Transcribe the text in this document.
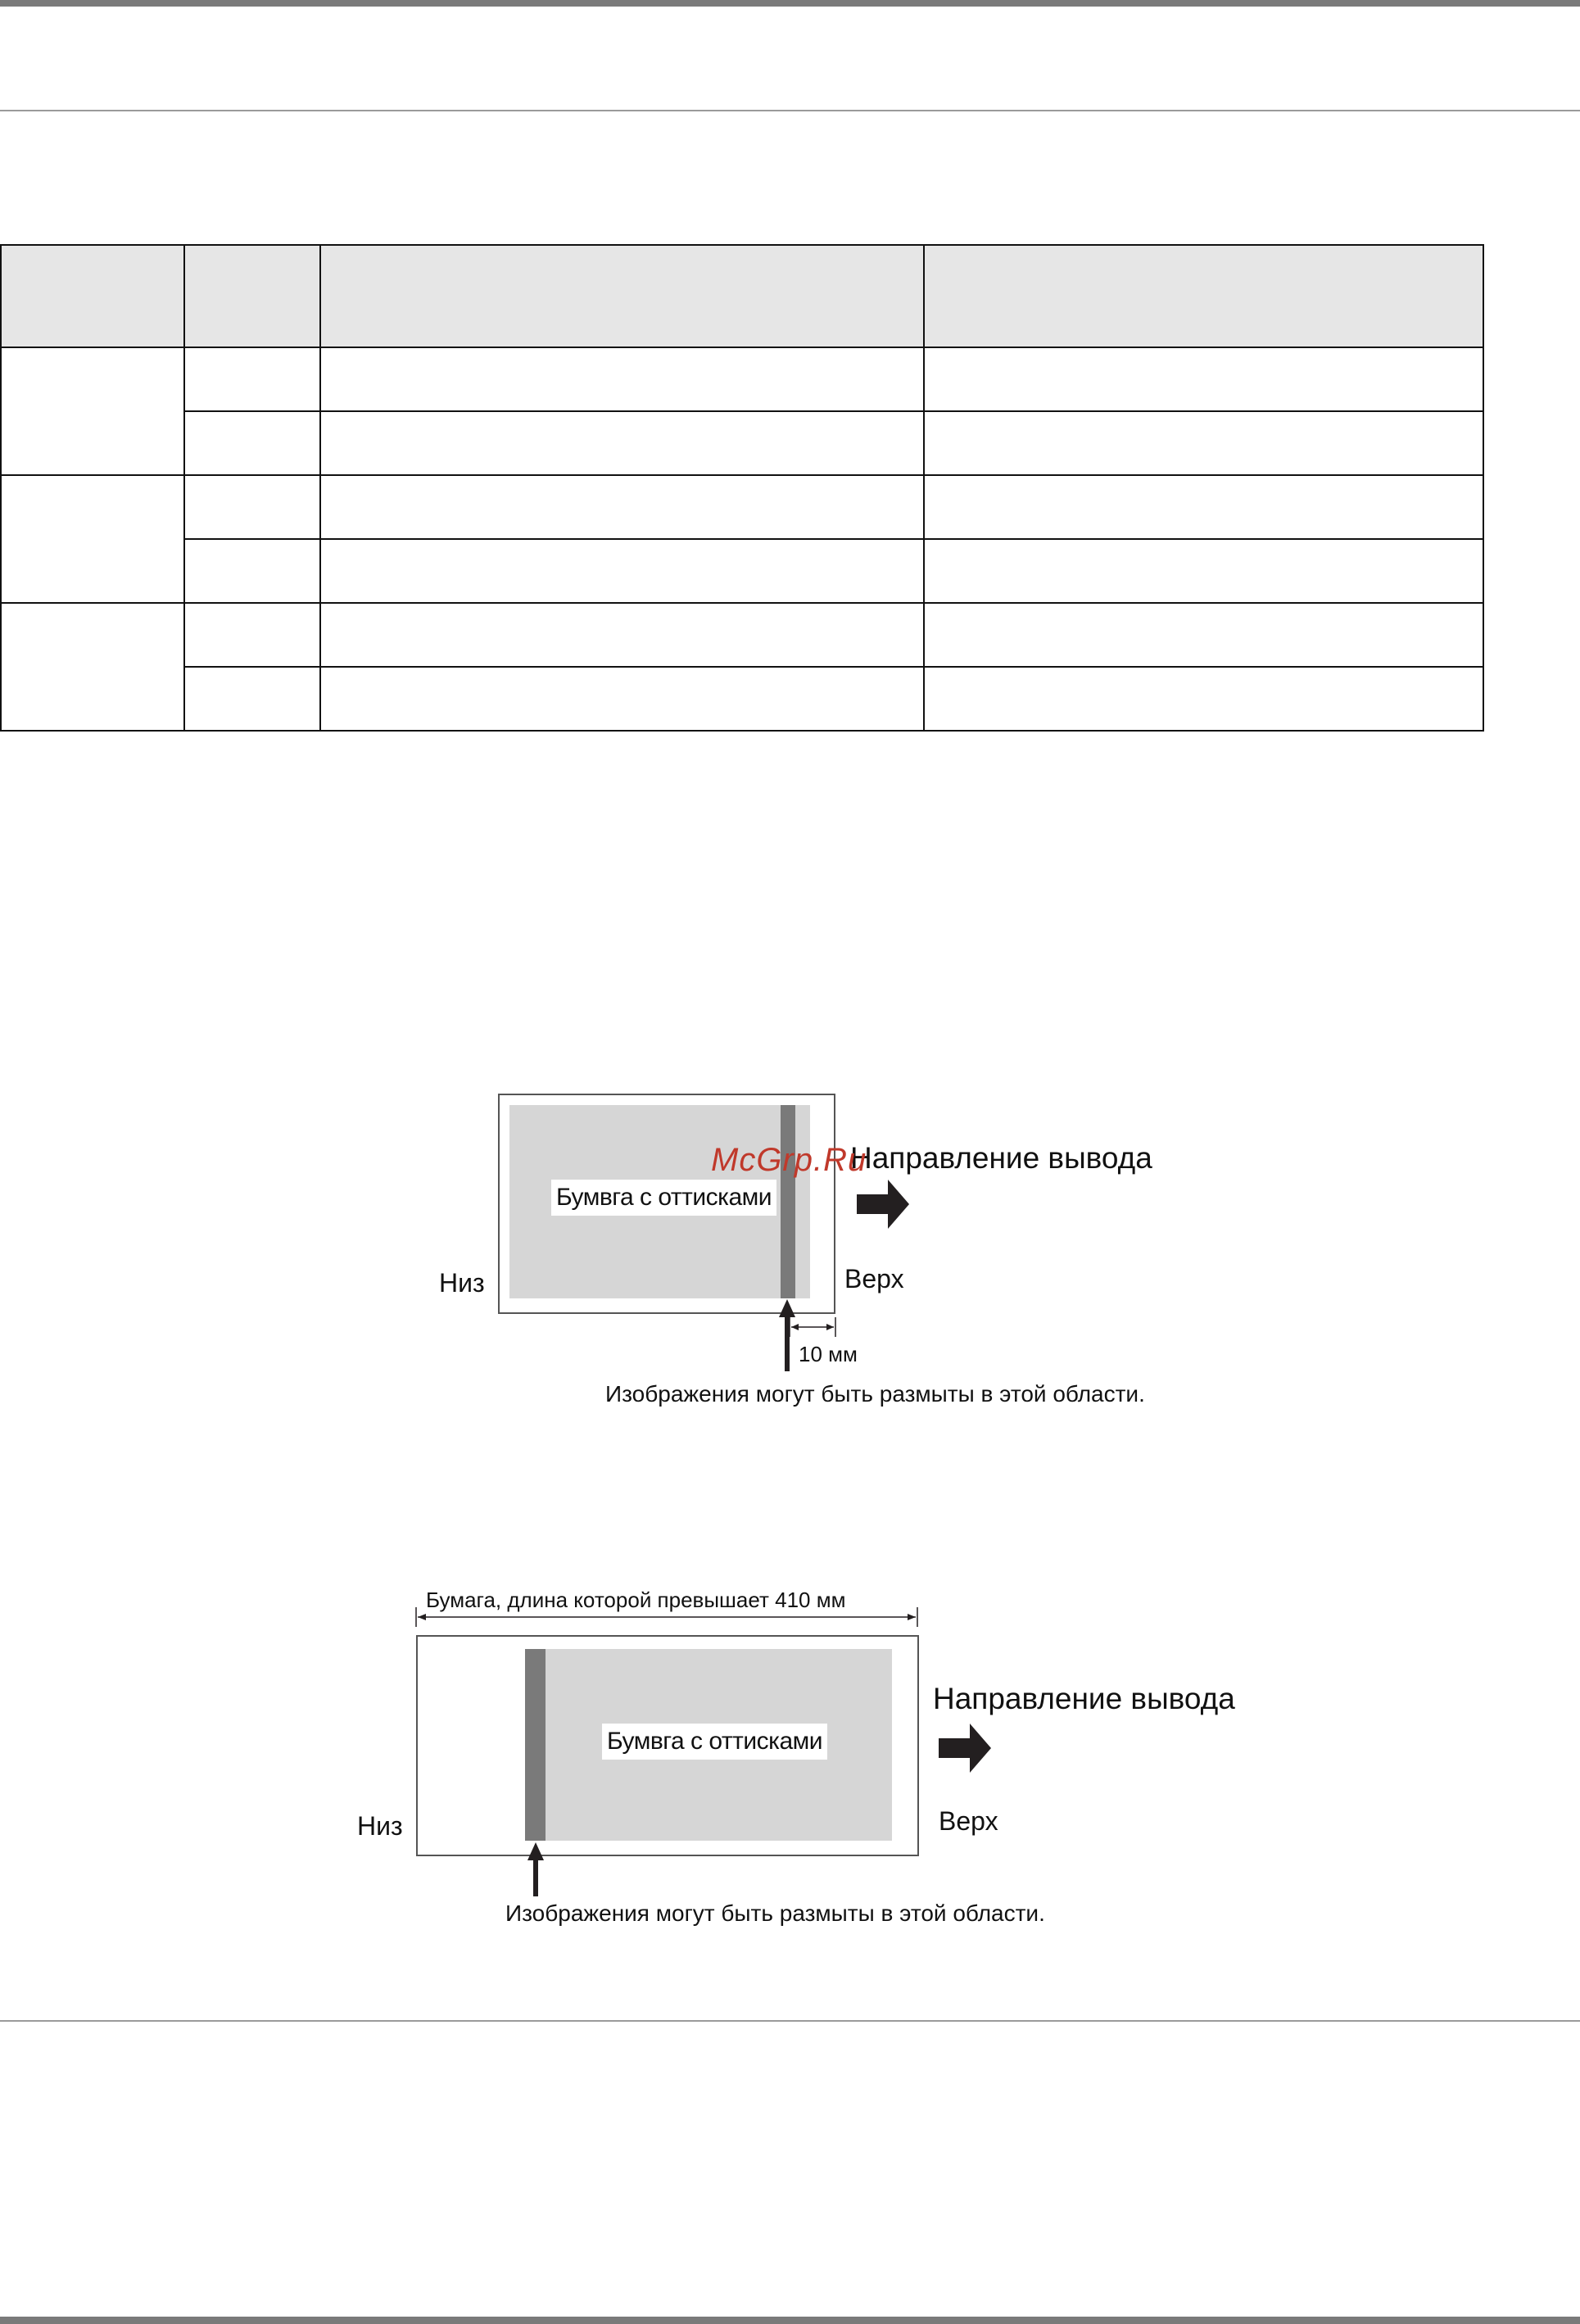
Бумвга с оттисками
Направление вывода
Низ	Верх
10 мм
Изображения могут быть размыты в этой области.
McGrp.Ru
Бумага, длина которой превышает 410 мм
Бумвга с оттисками
Направление вывода
Низ	Верх
Изображения могут быть размыты в этой области.
